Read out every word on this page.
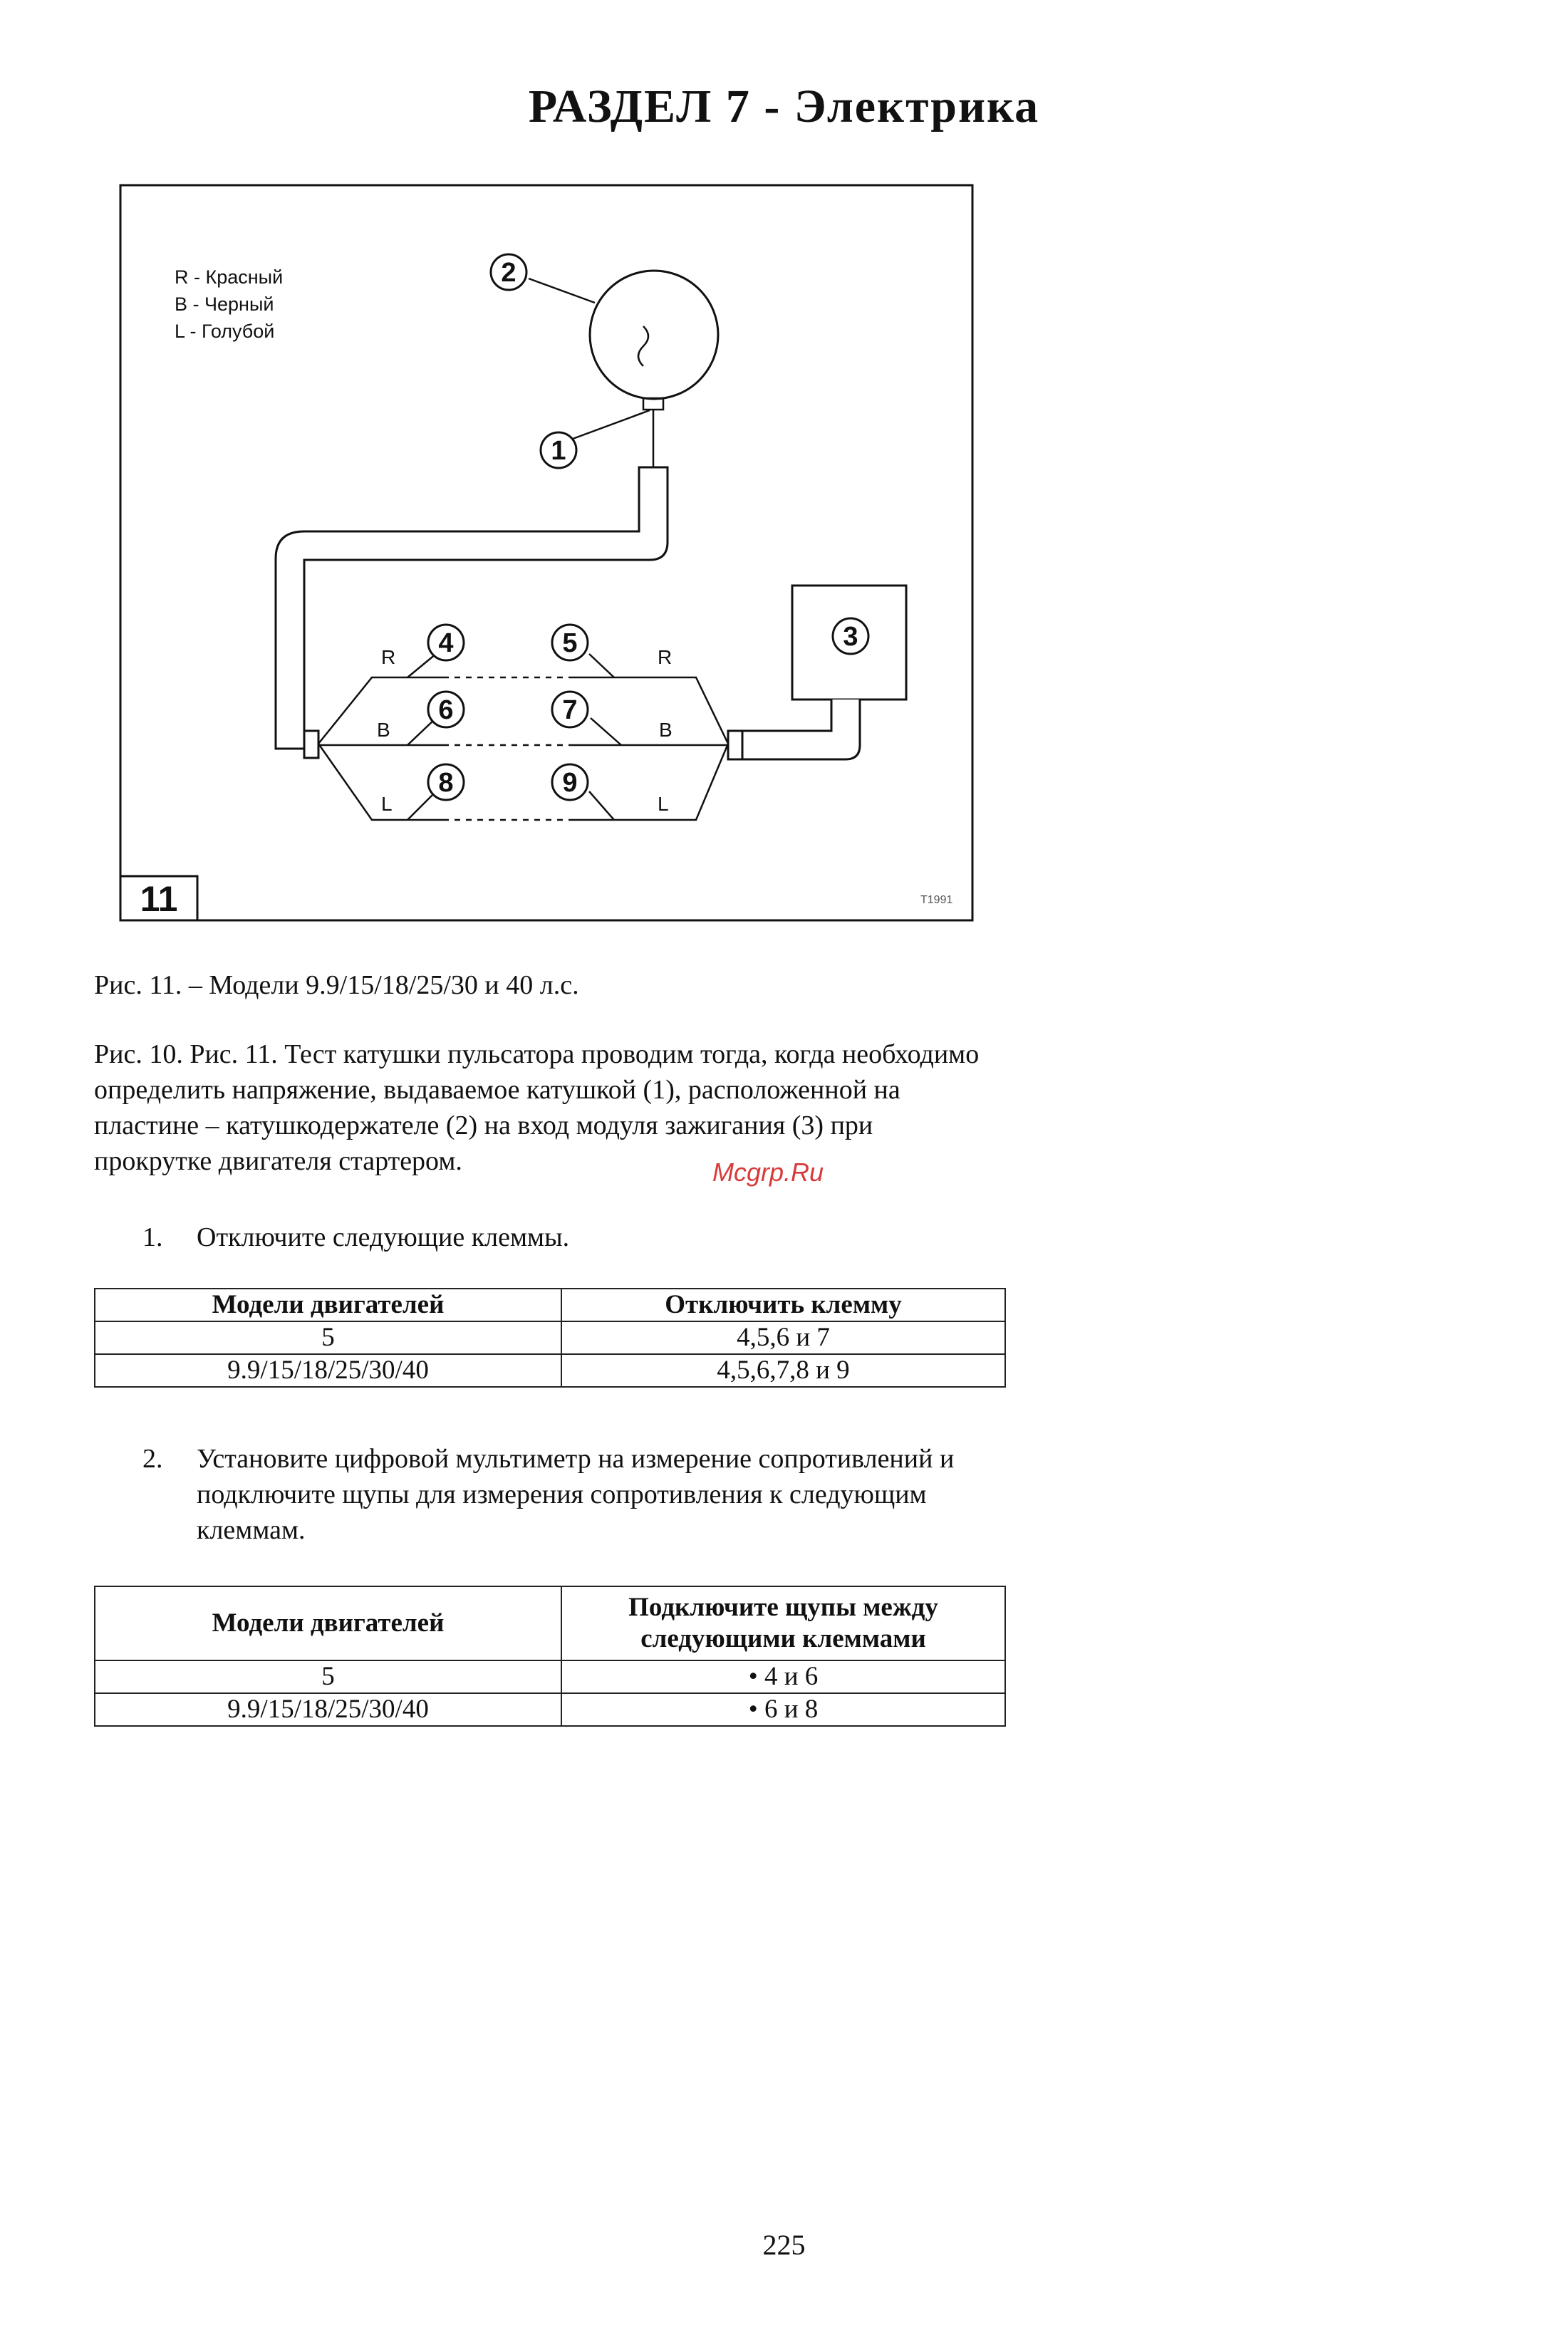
РАЗДЕЛ 7 - Электрика
R - Красный
B - Черный
L - Голубой
2
1
3
4	5
6	7
8	9
R	R
B	B
L	L
11	T1991
Рис. 11. – Модели 9.9/15/18/25/30 и 40 л.с.
Рис. 10. Рис. 11. Тест катушки пульсатора проводим тогда, когда необходимо определить напряжение, выдаваемое катушкой (1), расположенной на пластине – катушкодержателе (2) на вход модуля зажигания (3) при прокрутке двигателя стартером.	Mcgrp.Ru
1. Отключите следующие клеммы.
Модели двигателей	Отключить клемму
5	4,5,6 и 7
9.9/15/18/25/30/40	4,5,6,7,8 и 9
2. Установите цифровой мультиметр на измерение сопротивлений и подключите щупы для измерения сопротивления к следующим клеммам.
Модели двигателей	Подключите щупы между следующими клеммами
5	• 4 и 6
9.9/15/18/25/30/40	• 6 и 8
225
